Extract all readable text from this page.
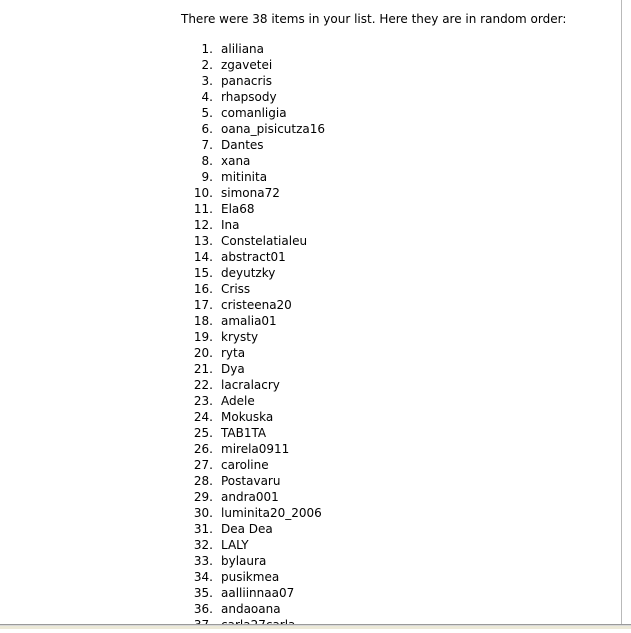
There were 38 items in your list. Here they are in random order:

1. aliliana
2. zgavetei
3. panacris
4. rhapsody
5. comanligia
6. oana_pisicutza16
7. Dantes
8. xana
9. mitinita
10. simona72
11. Ela68
12. Ina
13. Constelatialeu
14. abstract01
15. deyutzky
16. Criss
17. cristeena20
18. amalia01
19. krysty
20. ryta
21. Dya
22. lacralacry
23. Adele
24. Mokuska
25. TAB1TA
26. mirela0911
27. caroline
28. Postavaru
29. andra001
30. luminita20_2006
31. Dea Dea
32. LALY
33. bylaura
34. pusikmea
35. aalliinnaa07
36. andaoana
